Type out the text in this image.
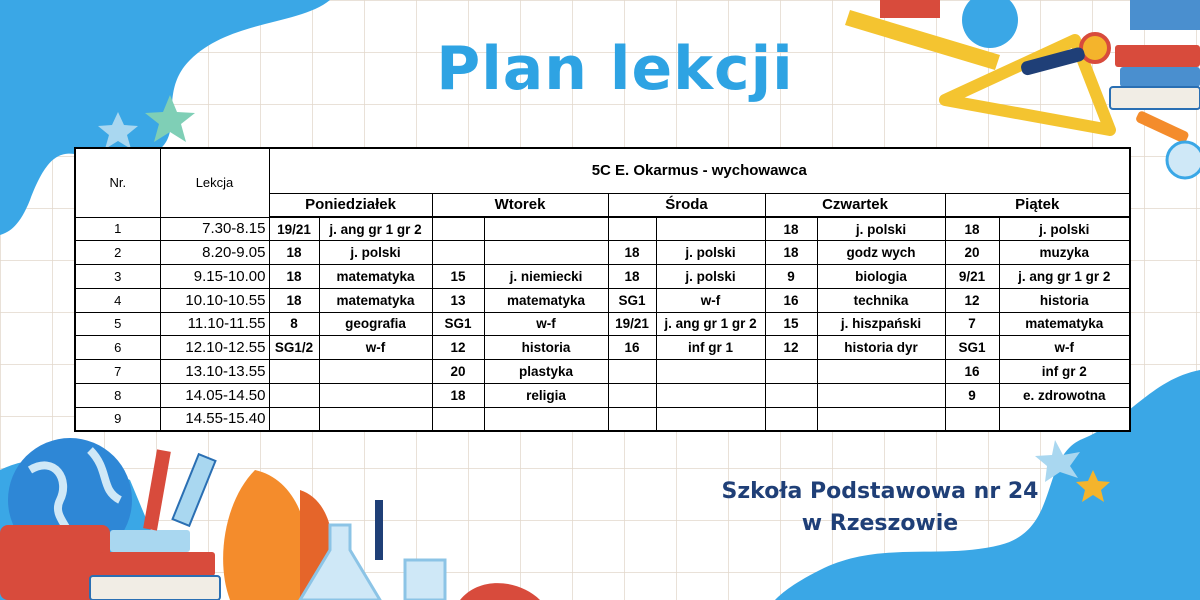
Plan lekcji
Nr.	Lekcja	5C E. Okarmus - wychowawca									
		Poniedziałek		Wtorek		Środa		Czwartek		Piątek	
1	7.30-8.15	19/21	j. ang gr 1 gr 2					18	j. polski	18	j. polski
2	8.20-9.05	18	j. polski			18	j. polski	18	godz wych	20	muzyka
3	9.15-10.00	18	matematyka	15	j. niemiecki	18	j. polski	9	biologia	9/21	j. ang gr 1 gr 2
4	10.10-10.55	18	matematyka	13	matematyka	SG1	w-f	16	technika	12	historia
5	11.10-11.55	8	geografia	SG1	w-f	19/21	j. ang gr 1 gr 2	15	j. hiszpański	7	matematyka
6	12.10-12.55	SG1/2	w-f	12	historia	16	inf gr 1	12	historia dyr	SG1	w-f
7	13.10-13.55			20	plastyka					16	inf gr 2
8	14.05-14.50			18	religia					9	e. zdrowotna
9	14.55-15.40										
Szkoła Podstawowa nr 24
w Rzeszowie
